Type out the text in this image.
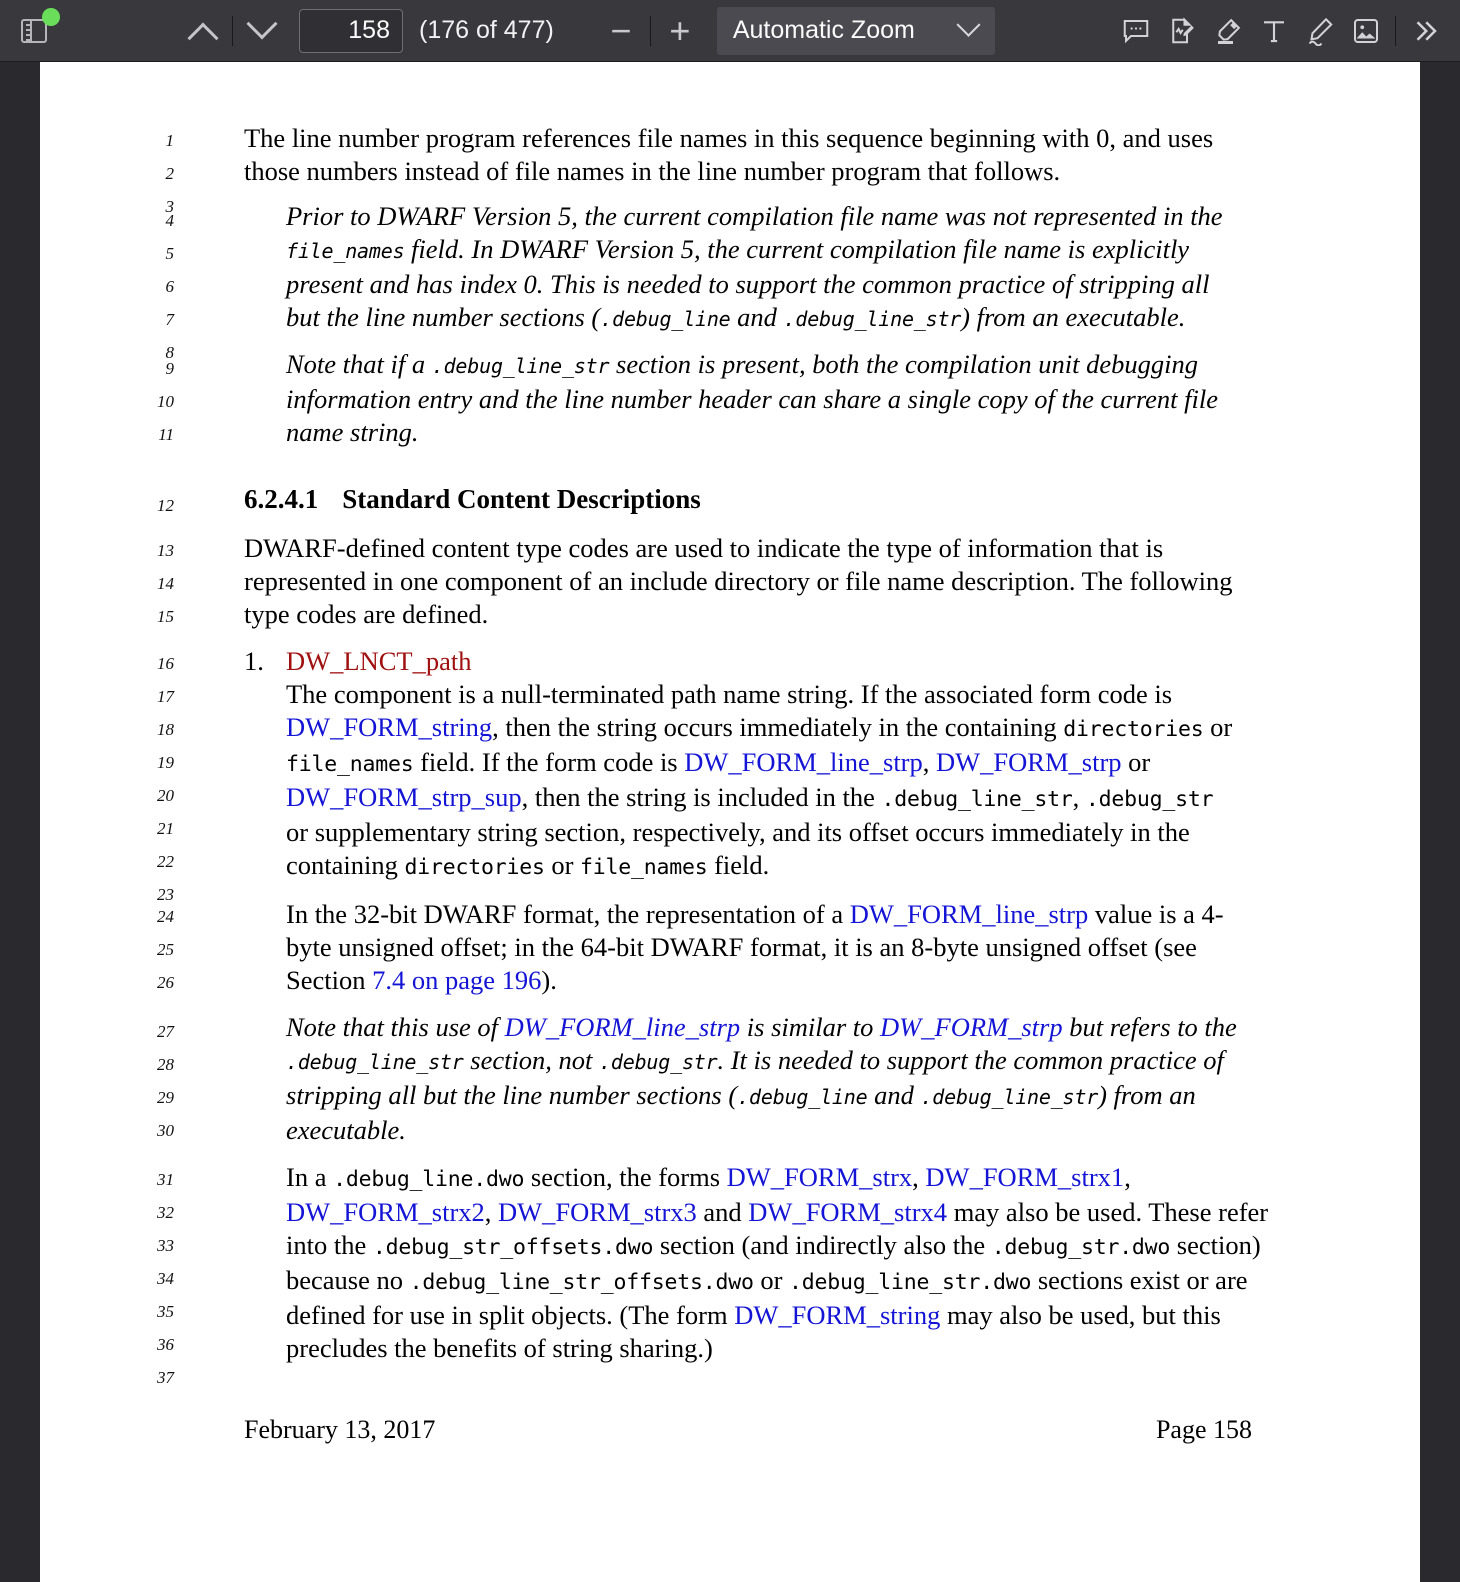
158
(176 of 477) − + Automatic Zoom
1
2
3
The line number program references file names in this sequence beginning with 0, and uses those numbers instead of file names in the line number program that follows.
4
5
6
7
8
Prior to DWARF Version 5, the current compilation file name was not represented in the file_names field. In DWARF Version 5, the current compilation file name is explicitly present and has index 0. This is needed to support the common practice of stripping all but the line number sections (.debug_line and .debug_line_str) from an executable.
9
10
11
Note that if a .debug_line_str section is present, both the compilation unit debugging information entry and the line number header can share a single copy of the current file name string.
12	6.2.4.1 Standard Content Descriptions
13
14
15
DWARF-defined content type codes are used to indicate the type of information that is represented in one component of an include directory or file name description. The following type codes are defined.
16
17
18
19
20
21
22
23
1. DW_LNCT_path
The component is a null-terminated path name string. If the associated form code is DW_FORM_string, then the string occurs immediately in the containing directories or file_names field. If the form code is DW_FORM_line_strp, DW_FORM_strp or DW_FORM_strp_sup, then the string is included in the .debug_line_str, .debug_str or supplementary string section, respectively, and its offset occurs immediately in the containing directories or file_names field.
24
25
26
In the 32-bit DWARF format, the representation of a DW_FORM_line_strp value is a 4-byte unsigned offset; in the 64-bit DWARF format, it is an 8-byte unsigned offset (see Section 7.4 on page 196).
27
28
29
30
Note that this use of DW_FORM_line_strp is similar to DW_FORM_strp but refers to the .debug_line_str section, not .debug_str. It is needed to support the common practice of stripping all but the line number sections (.debug_line and .debug_line_str) from an executable.
31
32
33
34
35
36
37
In a .debug_line.dwo section, the forms DW_FORM_strx, DW_FORM_strx1, DW_FORM_strx2, DW_FORM_strx3 and DW_FORM_strx4 may also be used. These refer into the .debug_str_offsets.dwo section (and indirectly also the .debug_str.dwo section) because no .debug_line_str_offsets.dwo or .debug_line_str.dwo sections exist or are defined for use in split objects. (The form DW_FORM_string may also be used, but this precludes the benefits of string sharing.)
February 13, 2017	Page 158
